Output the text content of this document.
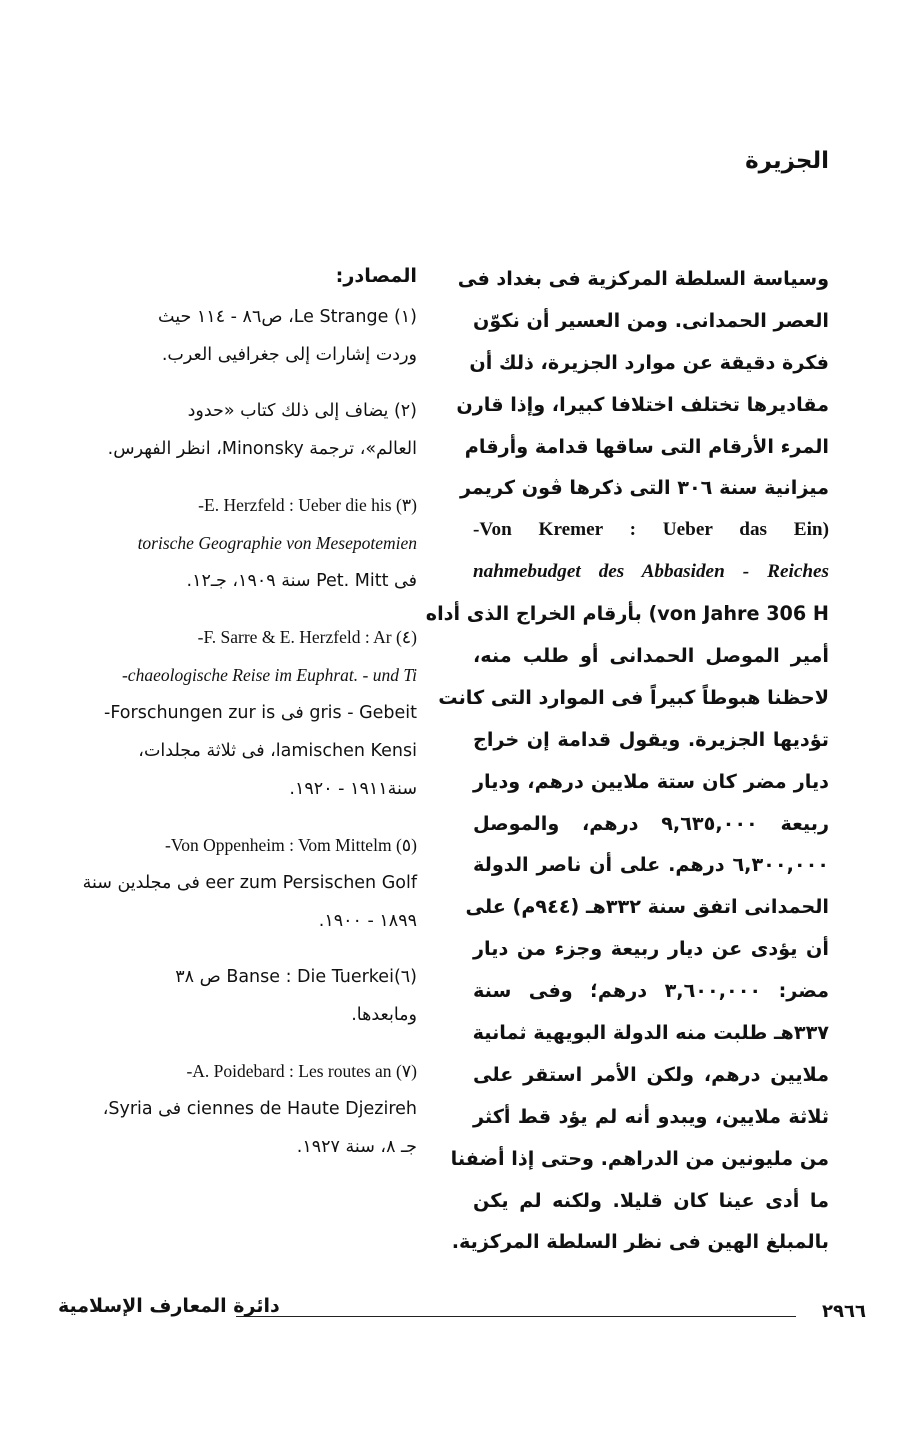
الجزيرة
وسياسة السلطة المركزية فى بغداد فى
العصر الحمدانى. ومن العسير أن نكوّن
فكرة دقيقة عن موارد الجزيرة، ذلك أن
مقاديرها تختلف اختلافا كبيرا، وإذا قارن
المرء الأرقام التى ساقها قدامة وأرقام
ميزانية سنة ٣٠٦ التى ذكرها ڤون كريمر
(Von Kremer : Ueber das Ein-
nahmebudget des Abbasiden - Reiches
von Jahre 306 H) بأرقام الخراج الذى أداه
أمير الموصل الحمدانى أو طلب منه،
لاحظنا هبوطاً كبيراً فى الموارد التى كانت
تؤديها الجزيرة. ويقول قدامة إن خراج
ديار مضر كان ستة ملايين درهم، وديار
ربيعة ٩,٦٣٥,٠٠٠ درهم، والموصل
٦,٣٠٠,٠٠٠ درهم. على أن ناصر الدولة
الحمدانى اتفق سنة ٣٣٢هـ (٩٤٤م) على
أن يؤدى عن ديار ربيعة وجزء من ديار
مضر: ٣,٦٠٠,٠٠٠ درهم؛ وفى سنة
٣٣٧هـ طلبت منه الدولة البويهية ثمانية
ملايين درهم، ولكن الأمر استقر على
ثلاثة ملايين، ويبدو أنه لم يؤد قط أكثر
من مليونين من الدراهم. وحتى إذا أضفنا
ما أدى عينا كان قليلا. ولكنه لم يكن
بالمبلغ الهين فى نظر السلطة المركزية.
المصادر:
(١) Le Strange، ص٨٦ - ١١٤ حيث
وردت إشارات إلى جغرافيى العرب.
(٢) يضاف إلى ذلك كتاب «حدود
العالم»، ترجمة Minonsky، انظر الفهرس.
(٣) E. Herzfeld : Ueber die his-
torische Geographie von Mesepotemien
فى Pet. Mitt سنة ١٩٠٩، جـ١٢.
(٤) F. Sarre & E. Herzfeld : Ar-
chaeologische Reise im Euphrat. - und Ti-
gris - Gebeit فى Forschungen zur is-
lamischen Kensi، فى ثلاثة مجلدات،
سنة١٩١١ - ١٩٢٠.
(٥) Von Oppenheim : Vom Mittelm-
eer zum Persischen Golf فى مجلدين سنة
١٨٩٩ - ١٩٠٠.
(٦)Banse : Die Tuerkei ص ٣٨
ومابعدها.
(٧) A. Poidebard : Les routes an-
ciennes de Haute Djezireh فى Syria،
جـ ٨، سنة ١٩٢٧.
٢٩٦٦
دائرة المعارف الإسلامية
